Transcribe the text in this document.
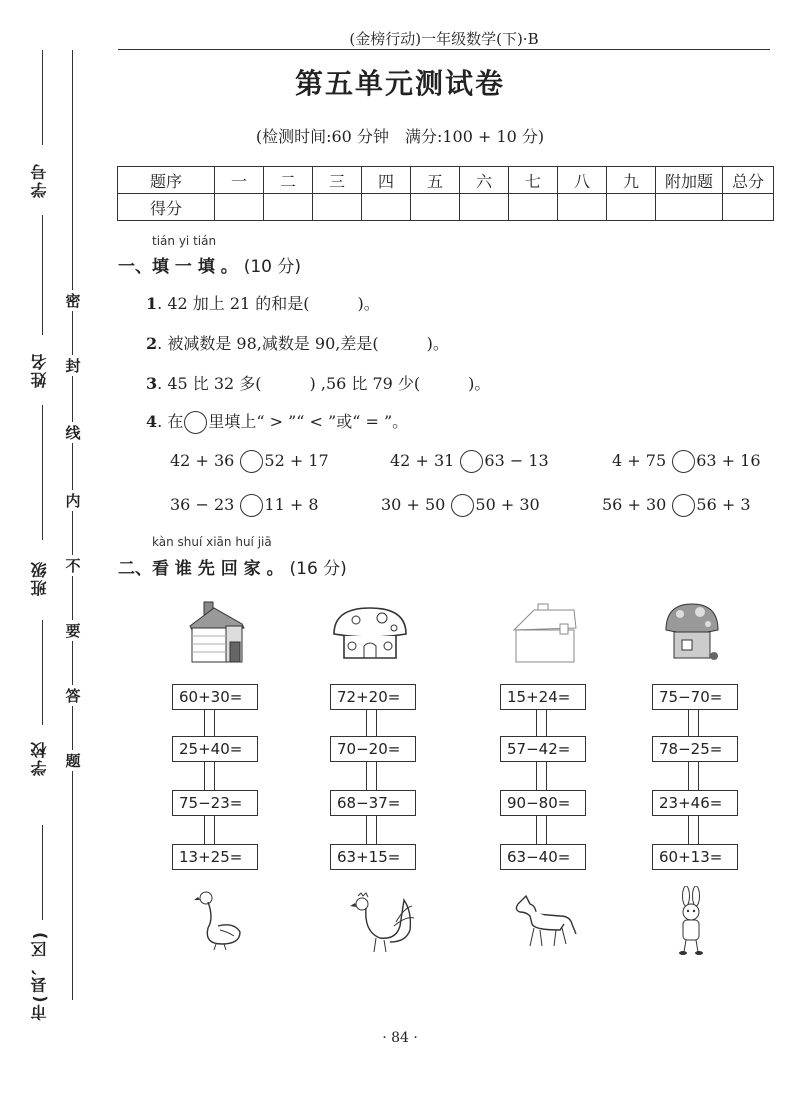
学号
姓名
班级
学校
市(县、区)
密
封
线
内
不
要
答
题
(金榜行动)一年级数学(下)·B
第五单元测试卷
(检测时间:60 分钟　满分:100 + 10 分)
题序	一	二	三	四	五	六	七	八	九	附加题	总分
得分											
tián yi tián
一、填 一 填 。 (10 分)
1. 42 加上 21 的和是(　　　)。
2. 被减数是 98,减数是 90,差是(　　　)。
3. 45 比 32 多(　　　) ,56 比 79 少(　　　)。
4. 在 里填上“ > ”“ < ”或“ = ”。
42 + 36 52 + 17	42 + 31 63 − 13	4 + 75 63 + 16
36 − 23 11 + 8	30 + 50 50 + 30	56 + 30 56 + 3
kàn shuí xiān huí jiā
二、看 谁 先 回 家 。 (16 分)
60+30=
25+40=
75−23=
13+25=
72+20=
70−20=
68−37=
63+15=
15+24=
57−42=
90−80=
63−40=
75−70=
78−25=
23+46=
60+13=
· 84 ·
